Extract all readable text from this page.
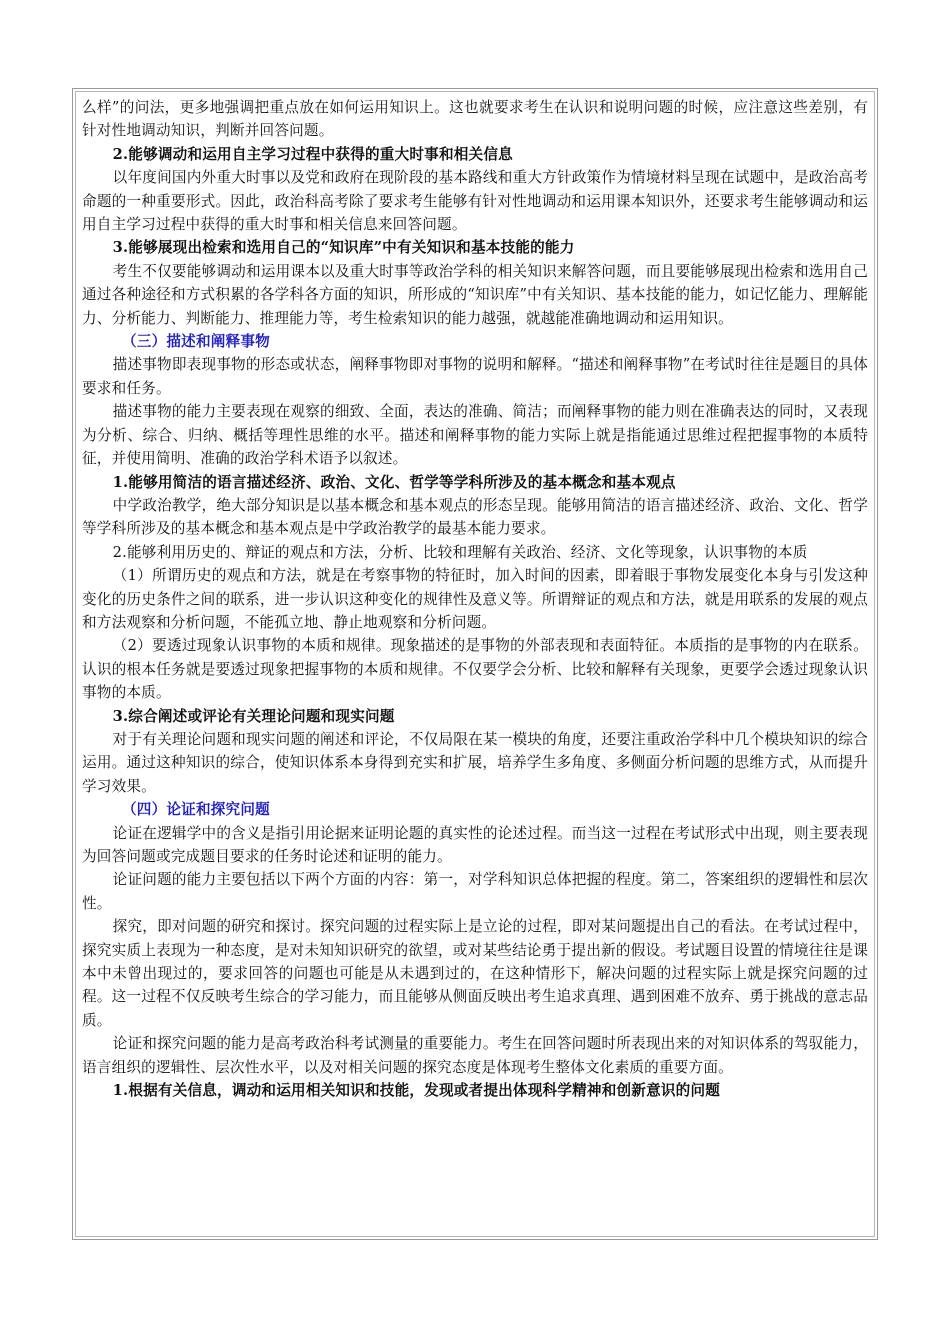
么样”的问法，更多地强调把重点放在如何运用知识上。这也就要求考生在认识和说明问题的时候，应注意这些差别，有针对性地调动知识，判断并回答问题。

2.能够调动和运用自主学习过程中获得的重大时事和相关信息

以年度间国内外重大时事以及党和政府在现阶段的基本路线和重大方针政策作为情境材料呈现在试题中，是政治高考命题的一种重要形式。因此，政治科高考除了要求考生能够有针对性地调动和运用课本知识外，还要求考生能够调动和运用自主学习过程中获得的重大时事和相关信息来回答问题。

3.能够展现出检索和选用自己的“知识库”中有关知识和基本技能的能力

考生不仅要能够调动和运用课本以及重大时事等政治学科的相关知识来解答问题，而且要能够展现出检索和选用自己通过各种途径和方式积累的各学科各方面的知识，所形成的“知识库”中有关知识、基本技能的能力，如记忆能力、理解能力、分析能力、判断能力、推理能力等，考生检索知识的能力越强，就越能准确地调动和运用知识。

（三）描述和阐释事物

描述事物即表现事物的形态或状态，阐释事物即对事物的说明和解释。“描述和阐释事物”在考试时往往是题目的具体要求和任务。

描述事物的能力主要表现在观察的细致、全面，表达的准确、简洁；而阐释事物的能力则在准确表达的同时，又表现为分析、综合、归纳、概括等理性思维的水平。描述和阐释事物的能力实际上就是指能通过思维过程把握事物的本质特征，并使用简明、准确的政治学科术语予以叙述。

1.能够用简洁的语言描述经济、政治、文化、哲学等学科所涉及的基本概念和基本观点

中学政治教学，绝大部分知识是以基本概念和基本观点的形态呈现。能够用简洁的语言描述经济、政治、文化、哲学等学科所涉及的基本概念和基本观点是中学政治教学的最基本能力要求。

2.能够利用历史的、辩证的观点和方法，分析、比较和理解有关政治、经济、文化等现象，认识事物的本质

（1）所谓历史的观点和方法，就是在考察事物的特征时，加入时间的因素，即着眼于事物发展变化本身与引发这种变化的历史条件之间的联系，进一步认识这种变化的规律性及意义等。所谓辩证的观点和方法，就是用联系的发展的观点和方法观察和分析问题，不能孤立地、静止地观察和分析问题。

（2）要透过现象认识事物的本质和规律。现象描述的是事物的外部表现和表面特征。本质指的是事物的内在联系。认识的根本任务就是要透过现象把握事物的本质和规律。不仅要学会分析、比较和解释有关现象，更要学会透过现象认识事物的本质。

3.综合阐述或评论有关理论问题和现实问题

对于有关理论问题和现实问题的阐述和评论，不仅局限在某一模块的角度，还要注重政治学科中几个模块知识的综合运用。通过这种知识的综合，使知识体系本身得到充实和扩展，培养学生多角度、多侧面分析问题的思维方式，从而提升学习效果。

（四）论证和探究问题

论证在逻辑学中的含义是指引用论据来证明论题的真实性的论述过程。而当这一过程在考试形式中出现，则主要表现为回答问题或完成题目要求的任务时论述和证明的能力。

论证问题的能力主要包括以下两个方面的内容：第一，对学科知识总体把握的程度。第二，答案组织的逻辑性和层次性。

探究，即对问题的研究和探讨。探究问题的过程实际上是立论的过程，即对某问题提出自己的看法。在考试过程中，探究实质上表现为一种态度，是对未知知识研究的欲望，或对某些结论勇于提出新的假设。考试题目设置的情境往往是课本中未曾出现过的，要求回答的问题也可能是从未遇到过的，在这种情形下，解决问题的过程实际上就是探究问题的过程。这一过程不仅反映考生综合的学习能力，而且能够从侧面反映出考生追求真理、遇到困难不放弃、勇于挑战的意志品质。

论证和探究问题的能力是高考政治科考试测量的重要能力。考生在回答问题时所表现出来的对知识体系的驾驭能力，语言组织的逻辑性、层次性水平，以及对相关问题的探究态度是体现考生整体文化素质的重要方面。

1.根据有关信息，调动和运用相关知识和技能，发现或者提出体现科学精神和创新意识的问题
